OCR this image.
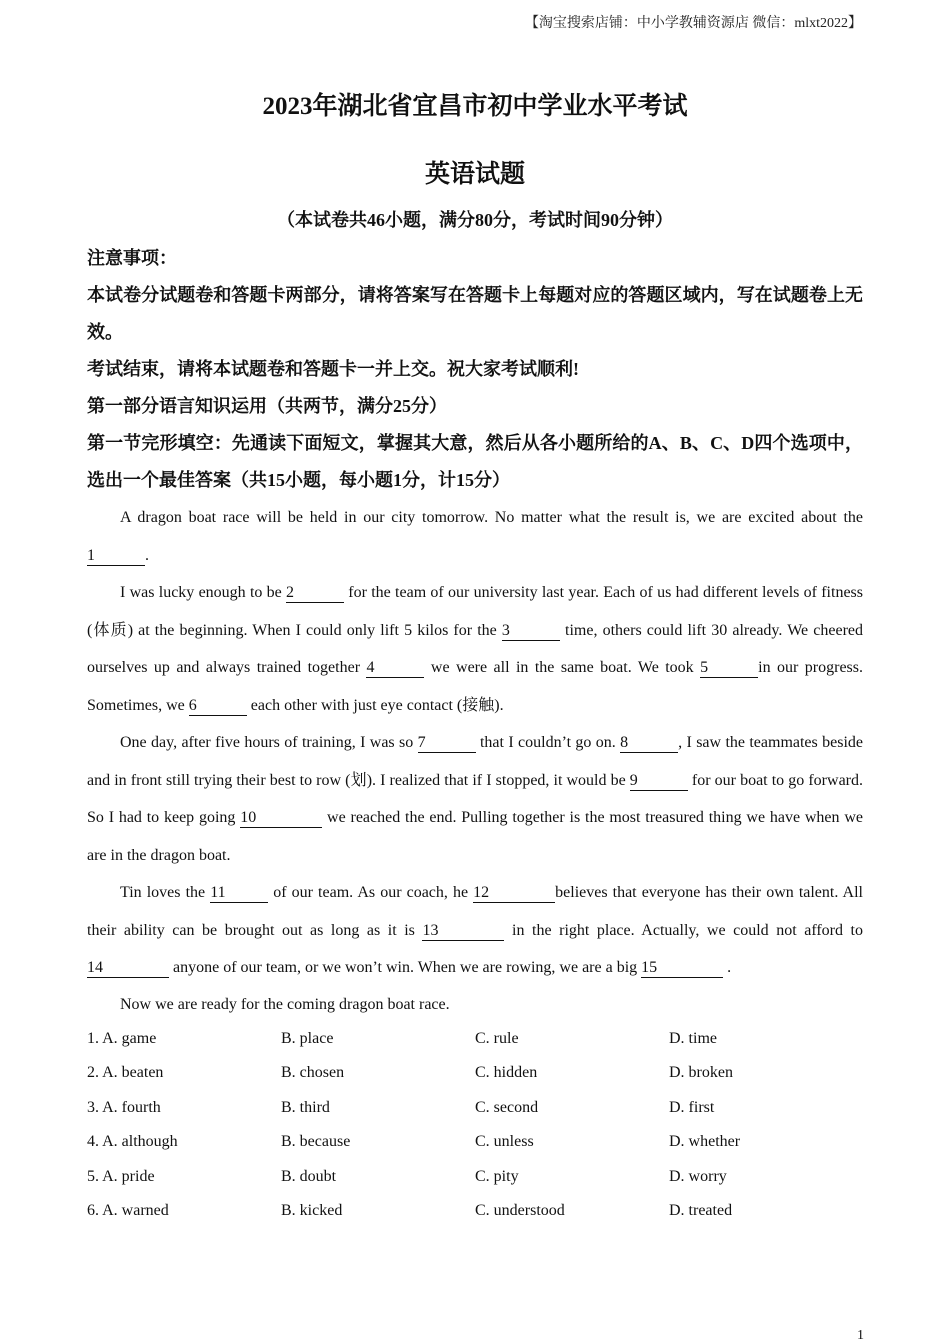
【淘宝搜索店铺：中小学教辅资源店 微信：mlxt2022】
2023年湖北省宜昌市初中学业水平考试
英语试题
（本试卷共46小题，满分80分，考试时间90分钟）

注意事项：

本试卷分试题卷和答题卡两部分，请将答案写在答题卡上每题对应的答题区域内，写在试题卷上无效。

考试结束，请将本试题卷和答题卡一并上交。祝大家考试顺利!

第一部分语言知识运用（共两节，满分25分）

第一节完形填空：先通读下面短文，掌握其大意，然后从各小题所给的A、B、C、D四个选项中，选出一个最佳答案（共15小题，每小题1分，计15分）

A dragon boat race will be held in our city tomorrow. No matter what the result is, we are excited about the 1	.

I was lucky enough to be 2	for the team of our university last year. Each of us had different levels of fitness (体质) at the beginning. When I could only lift 5 kilos for the 3	time, others could lift 30 already. We cheered ourselves up and always trained together 4	we were all in the same boat. We took 5	in our progress. Sometimes, we 6	each other with just eye contact (接触).

One day, after five hours of training, I was so 7	that I couldn’t go on. 8	, I saw the teammates beside and in front still trying their best to row (划). I realized that if I stopped, it would be 9	for our boat to go forward. So I had to keep going 10	we reached the end. Pulling together is the most treasured thing we have when we are in the dragon boat.

Tin loves the 11	of our team. As our coach, he 12	believes that everyone has their own talent. All their ability can be brought out as long as it is 13	in the right place. Actually, we could not afford to 14	anyone of our team, or we won’t win. When we are rowing, we are a big 15	.

Now we are ready for the coming dragon boat race.

1. A. game	B. place	C. rule	D. time
2. A. beaten	B. chosen	C. hidden	D. broken
3. A. fourth	B. third	C. second	D. first
4. A. although	B. because	C. unless	D. whether
5. A. pride	B. doubt	C. pity	D. worry
6. A. warned	B. kicked	C. understood	D. treated
1
